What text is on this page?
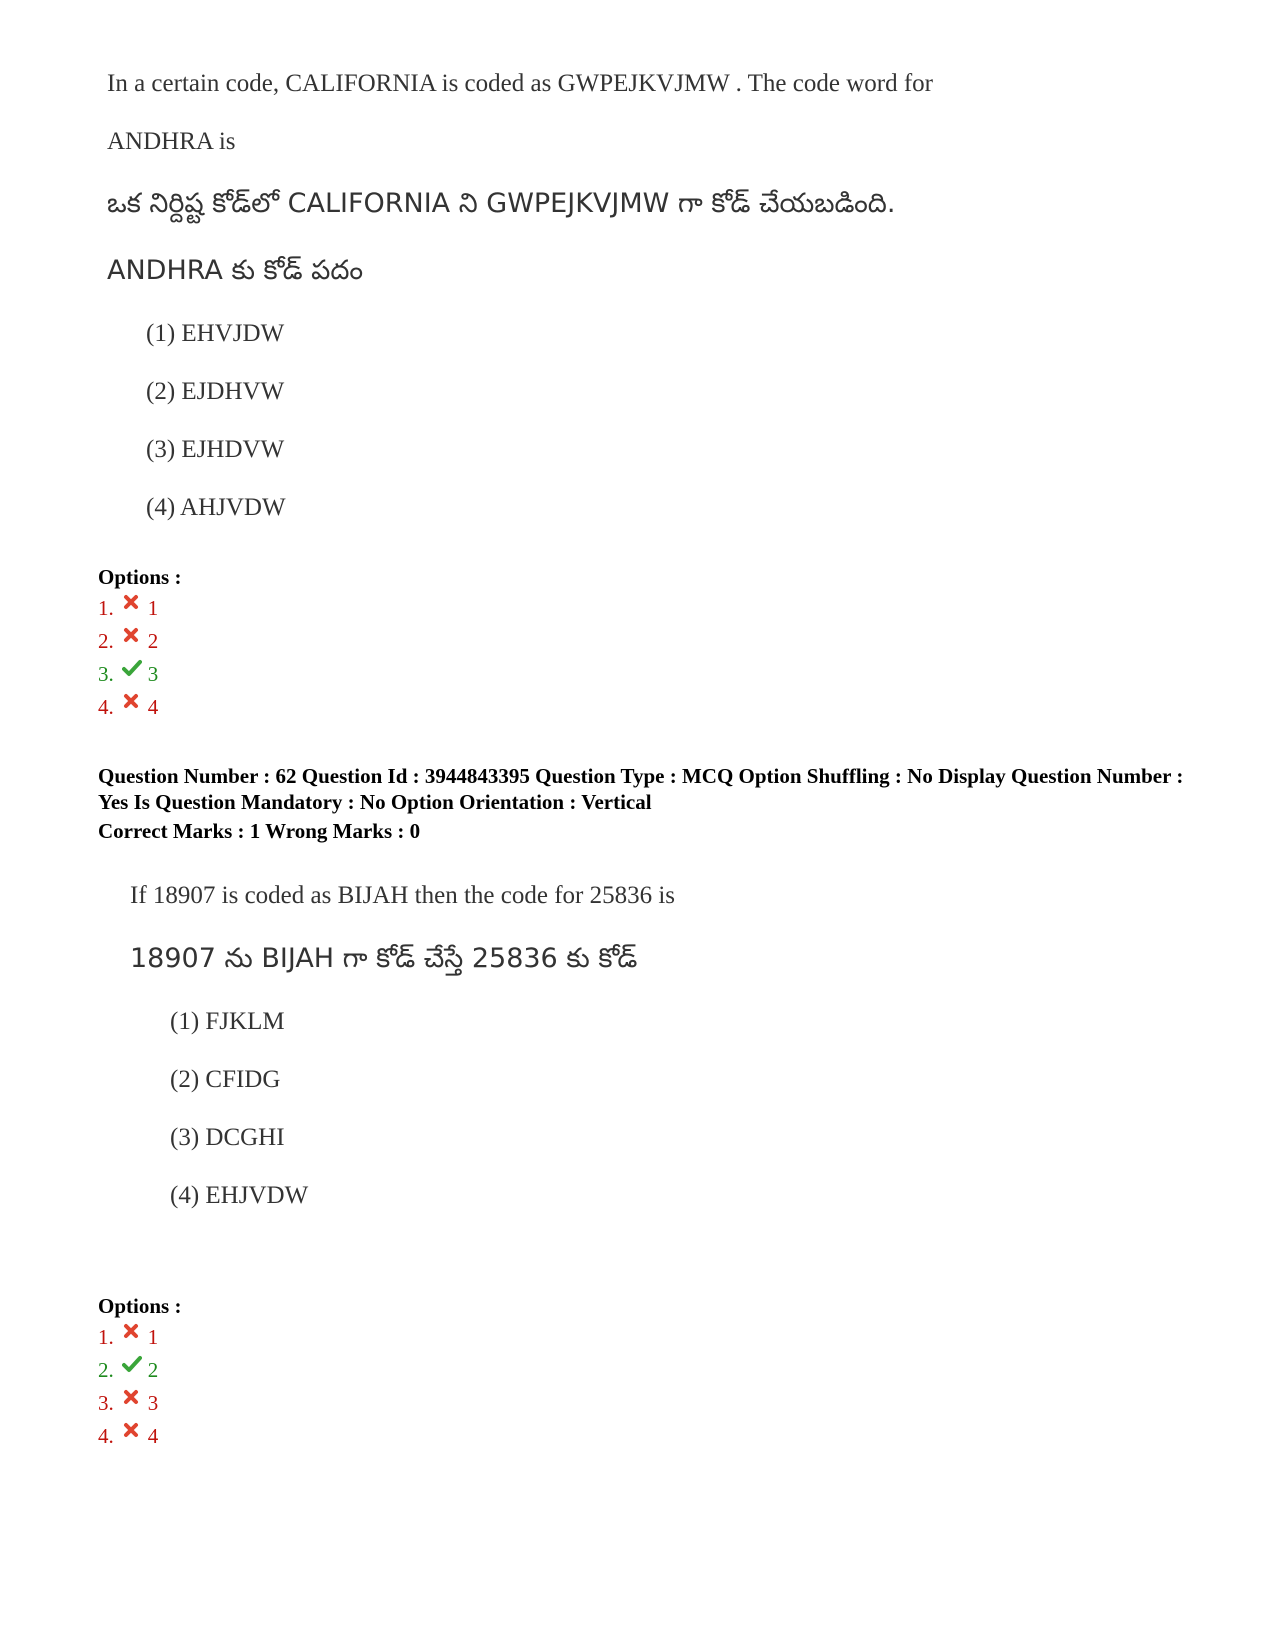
In a certain code, CALIFORNIA is coded as GWPEJKVJMW . The code word for
ANDHRA is
ఒక నిర్దిష్ట కోడ్‌లో CALIFORNIA ని GWPEJKVJMW గా కోడ్ చేయబడింది.
ANDHRA కు కోడ్ పదం
(1) EHVJDW
(2) EJDHVW
(3) EJHDVW
(4) AHJVDW
Options :
1. 1
2. 2
3. 3
4. 4
Question Number : 62 Question Id : 3944843395 Question Type : MCQ Option Shuffling : No Display Question Number : Yes Is Question Mandatory : No Option Orientation : Vertical
Correct Marks : 1 Wrong Marks : 0
If 18907 is coded as BIJAH then the code for 25836 is
18907 ను BIJAH గా కోడ్ చేస్తే 25836 కు కోడ్
(1) FJKLM
(2) CFIDG
(3) DCGHI
(4) EHJVDW
Options :
1. 1
2. 2
3. 3
4. 4
